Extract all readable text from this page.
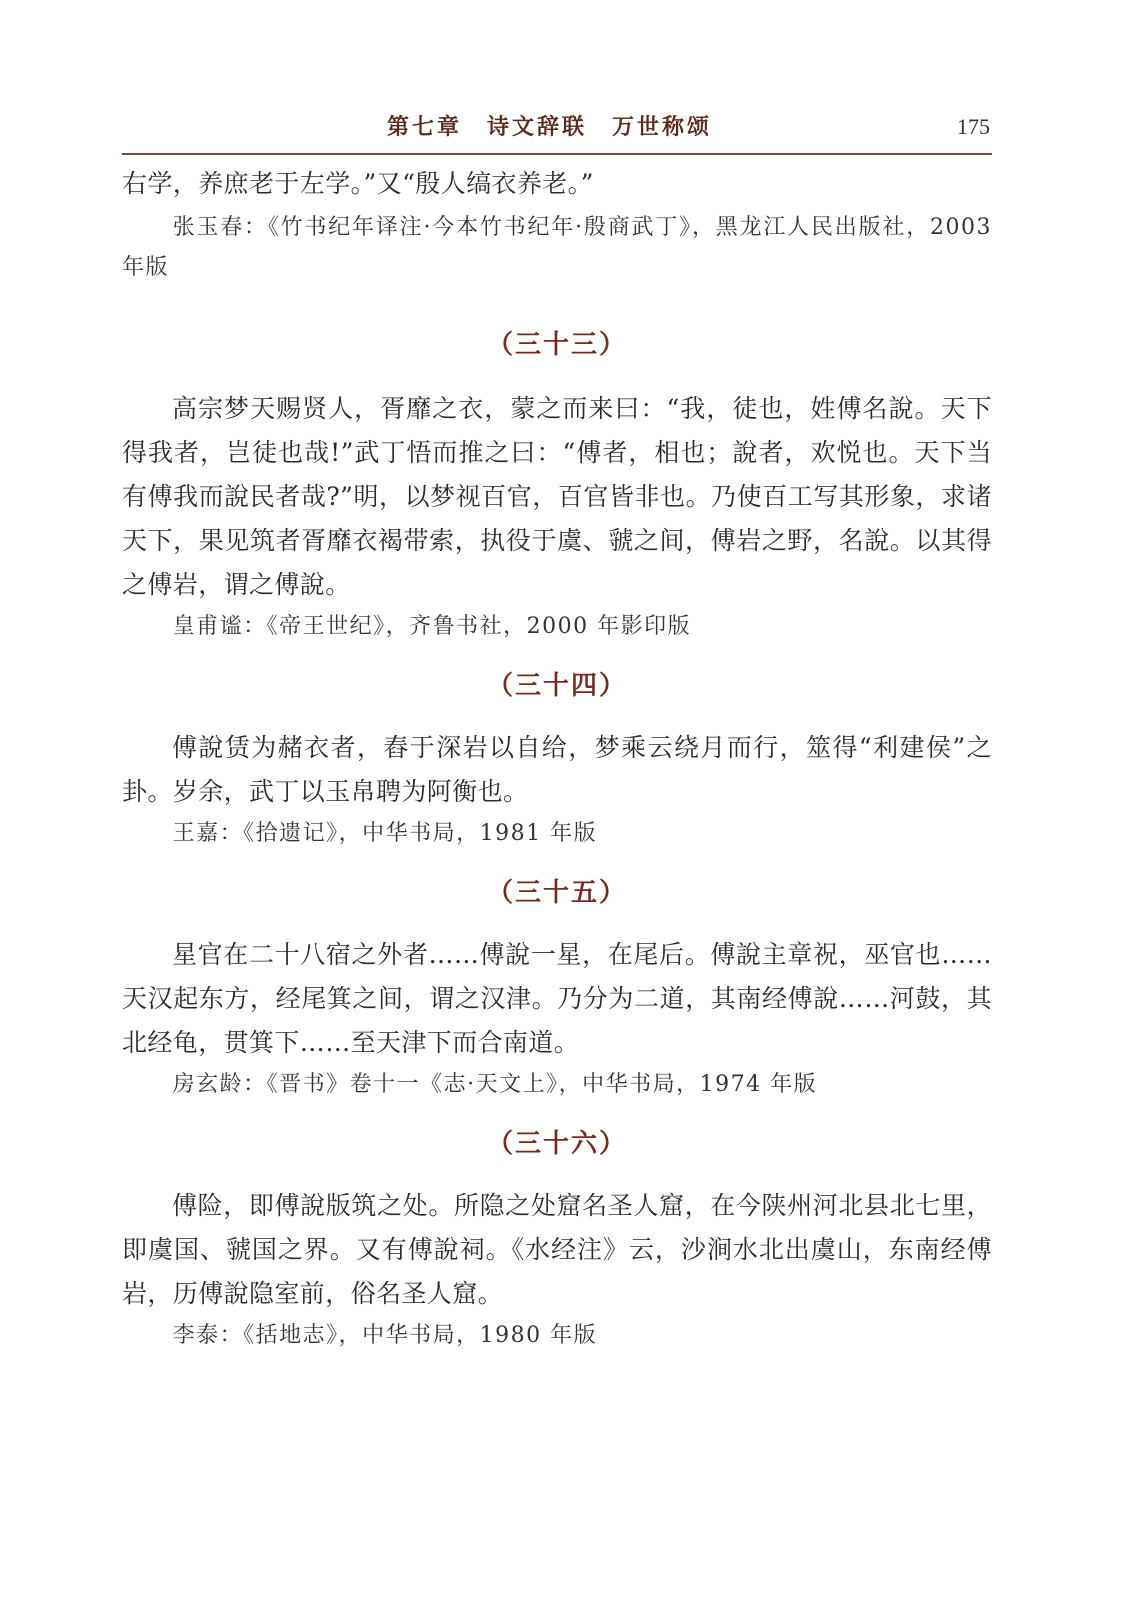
第七章　诗文辞联　万世称颂	175

右学，养庶老于左学。”又“殷人缟衣养老。”

张玉春：《竹书纪年译注·今本竹书纪年·殷商武丁》，黑龙江人民出版社，2003 年版

（三十三）

高宗梦天赐贤人，胥靡之衣，蒙之而来曰：“我，徒也，姓傅名說。天下得我者，岂徒也哉!”武丁悟而推之曰：“傅者，相也；說者，欢悦也。天下当有傅我而說民者哉?”明，以梦视百官，百官皆非也。乃使百工写其形象，求诸天下，果见筑者胥靡衣褐带索，执役于虞、虢之间，傅岩之野，名說。以其得之傅岩，谓之傅說。

皇甫谧：《帝王世纪》，齐鲁书社，2000 年影印版

（三十四）

傅說赁为赭衣者，舂于深岩以自给，梦乘云绕月而行，筮得“利建侯”之卦。岁余，武丁以玉帛聘为阿衡也。

王嘉：《拾遗记》，中华书局，1981 年版

（三十五）

星官在二十八宿之外者……傅說一星，在尾后。傅說主章祝，巫官也……天汉起东方，经尾箕之间，谓之汉津。乃分为二道，其南经傅說……河鼓，其北经龟，贯箕下……至天津下而合南道。

房玄龄：《晋书》卷十一《志·天文上》，中华书局，1974 年版

（三十六）

傅险，即傅說版筑之处。所隐之处窟名圣人窟，在今陕州河北县北七里，即虞国、虢国之界。又有傅說祠。《水经注》云，沙涧水北出虞山，东南经傅岩，历傅說隐室前，俗名圣人窟。

李泰：《括地志》，中华书局，1980 年版
